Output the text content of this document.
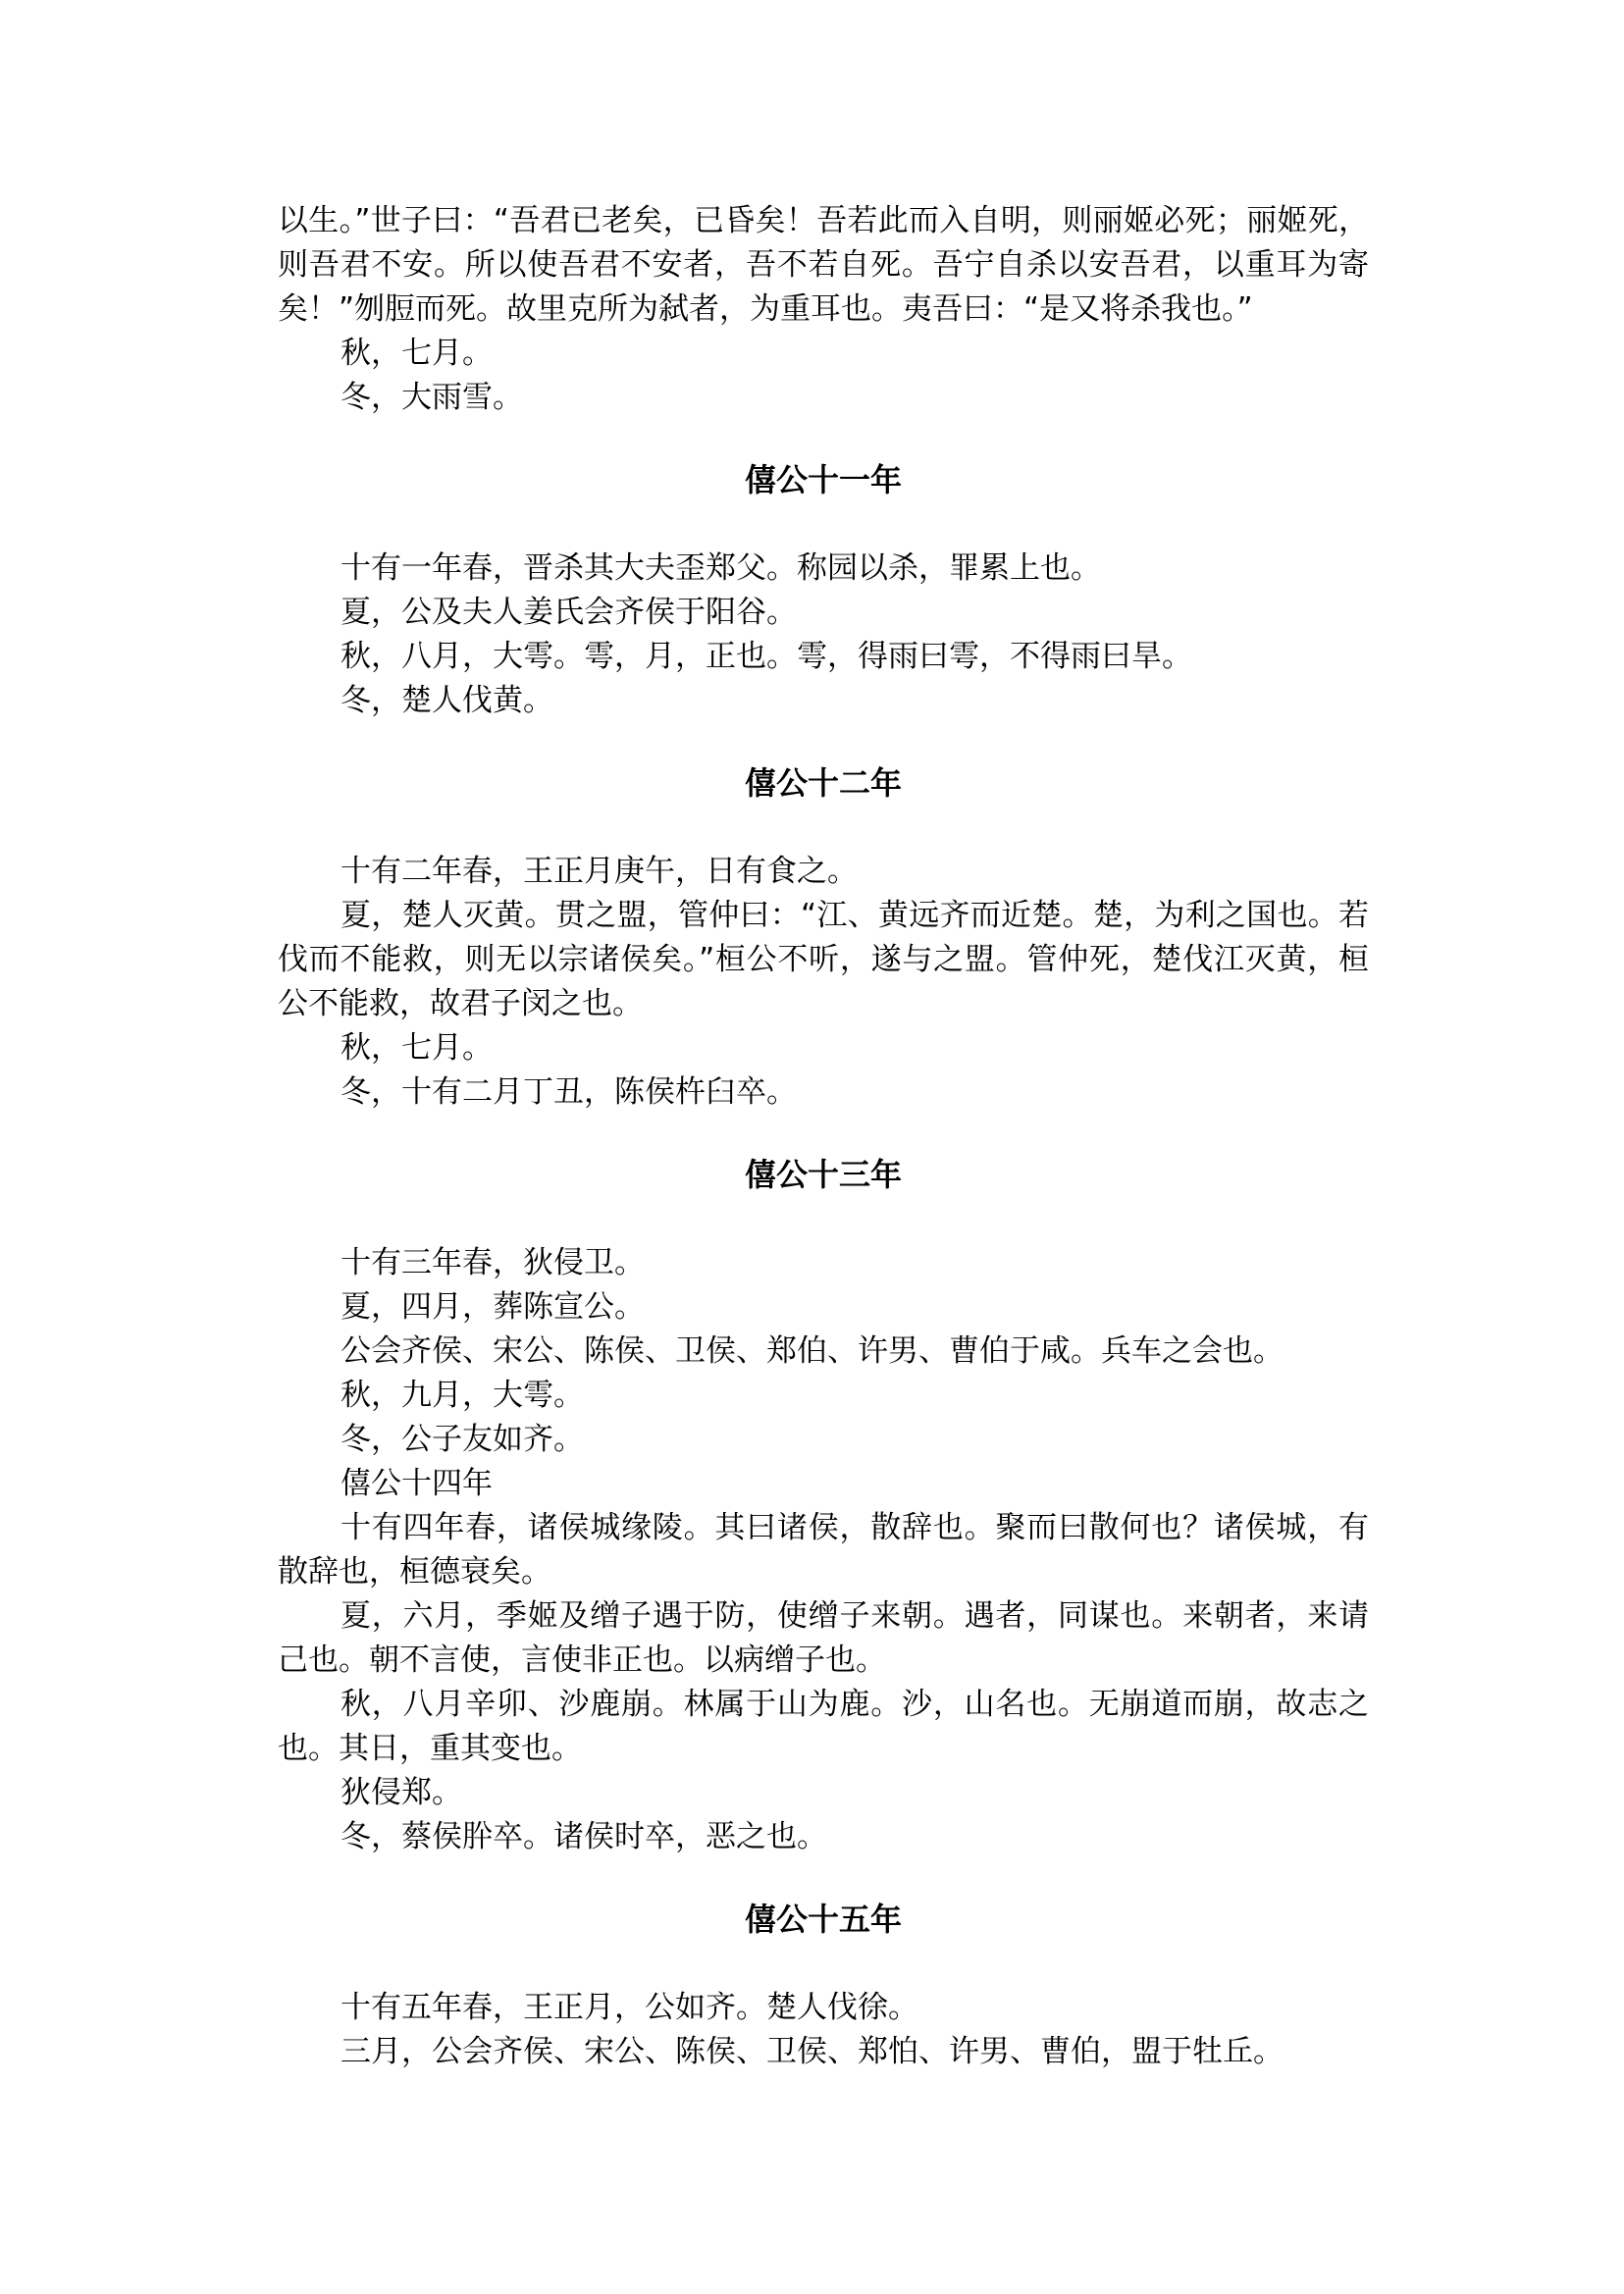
以生。”世子曰：“吾君已老矣，已昏矣！吾若此而入自明，则丽姬必死；丽姬死，则吾君不安。所以使吾君不安者，吾不若自死。吾宁自杀以安吾君，以重耳为寄矣！”刎脰而死。故里克所为弑者，为重耳也。夷吾曰：“是又将杀我也。”

秋，七月。

冬，大雨雪。

僖公十一年

十有一年春，晋杀其大夫歪郑父。称园以杀，罪累上也。

夏，公及夫人姜氏会齐侯于阳谷。

秋，八月，大雩。雩，月，正也。雩，得雨曰雩，不得雨曰旱。

冬，楚人伐黄。

僖公十二年

十有二年春，王正月庚午，日有食之。

夏，楚人灭黄。贯之盟，管仲曰：“江、黄远齐而近楚。楚，为利之国也。若伐而不能救，则无以宗诸侯矣。”桓公不听，遂与之盟。管仲死，楚伐江灭黄，桓公不能救，故君子闵之也。

秋，七月。

冬，十有二月丁丑，陈侯杵臼卒。

僖公十三年

十有三年春，狄侵卫。

夏，四月，葬陈宣公。

公会齐侯、宋公、陈侯、卫侯、郑伯、许男、曹伯于咸。兵车之会也。

秋，九月，大雩。

冬，公子友如齐。

僖公十四年

十有四年春，诸侯城缘陵。其曰诸侯，散辞也。聚而曰散何也？诸侯城，有散辞也，桓德衰矣。

夏，六月，季姬及缯子遇于防，使缯子来朝。遇者，同谋也。来朝者，来请己也。朝不言使，言使非正也。以病缯子也。

秋，八月辛卯、沙鹿崩。林属于山为鹿。沙，山名也。无崩道而崩，故志之也。其日，重其变也。

狄侵郑。

冬，蔡侯肸卒。诸侯时卒，恶之也。

僖公十五年

十有五年春，王正月，公如齐。楚人伐徐。

三月，公会齐侯、宋公、陈侯、卫侯、郑怕、许男、曹伯，盟于牡丘。
